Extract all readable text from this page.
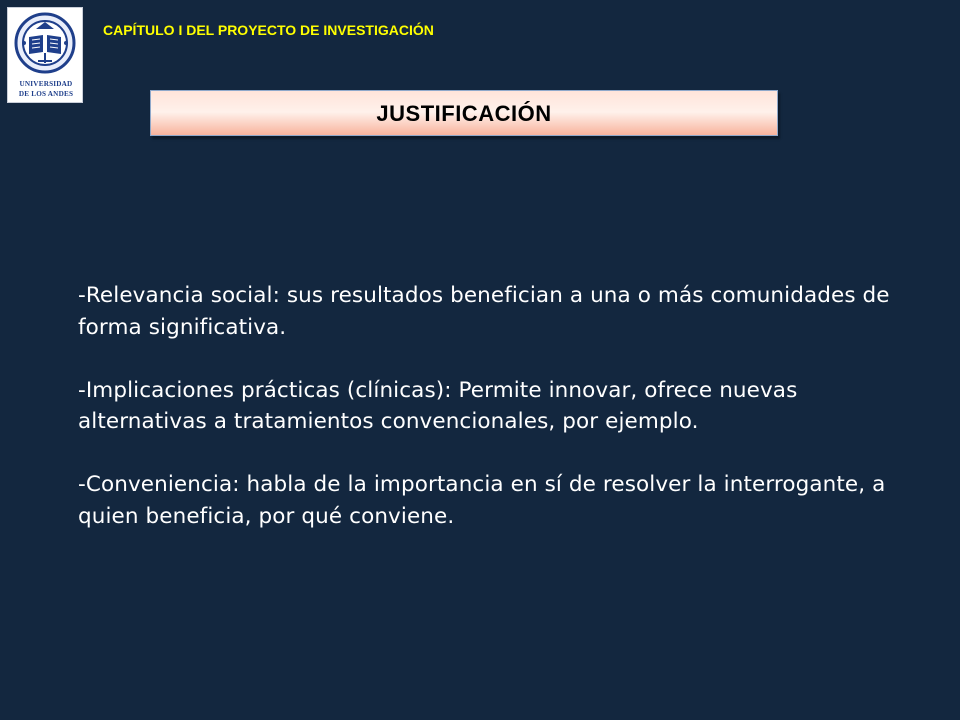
UNIVERSIDAD
DE LOS ANDES
CAPÍTULO I DEL PROYECTO DE INVESTIGACIÓN
JUSTIFICACIÓN

-Relevancia social: sus resultados benefician a una o más comunidades de forma significativa.

-Implicaciones prácticas (clínicas): Permite innovar, ofrece nuevas alternativas a tratamientos convencionales, por ejemplo.

-Conveniencia: habla de la importancia en sí de resolver la interrogante, a quien beneficia, por qué conviene.
